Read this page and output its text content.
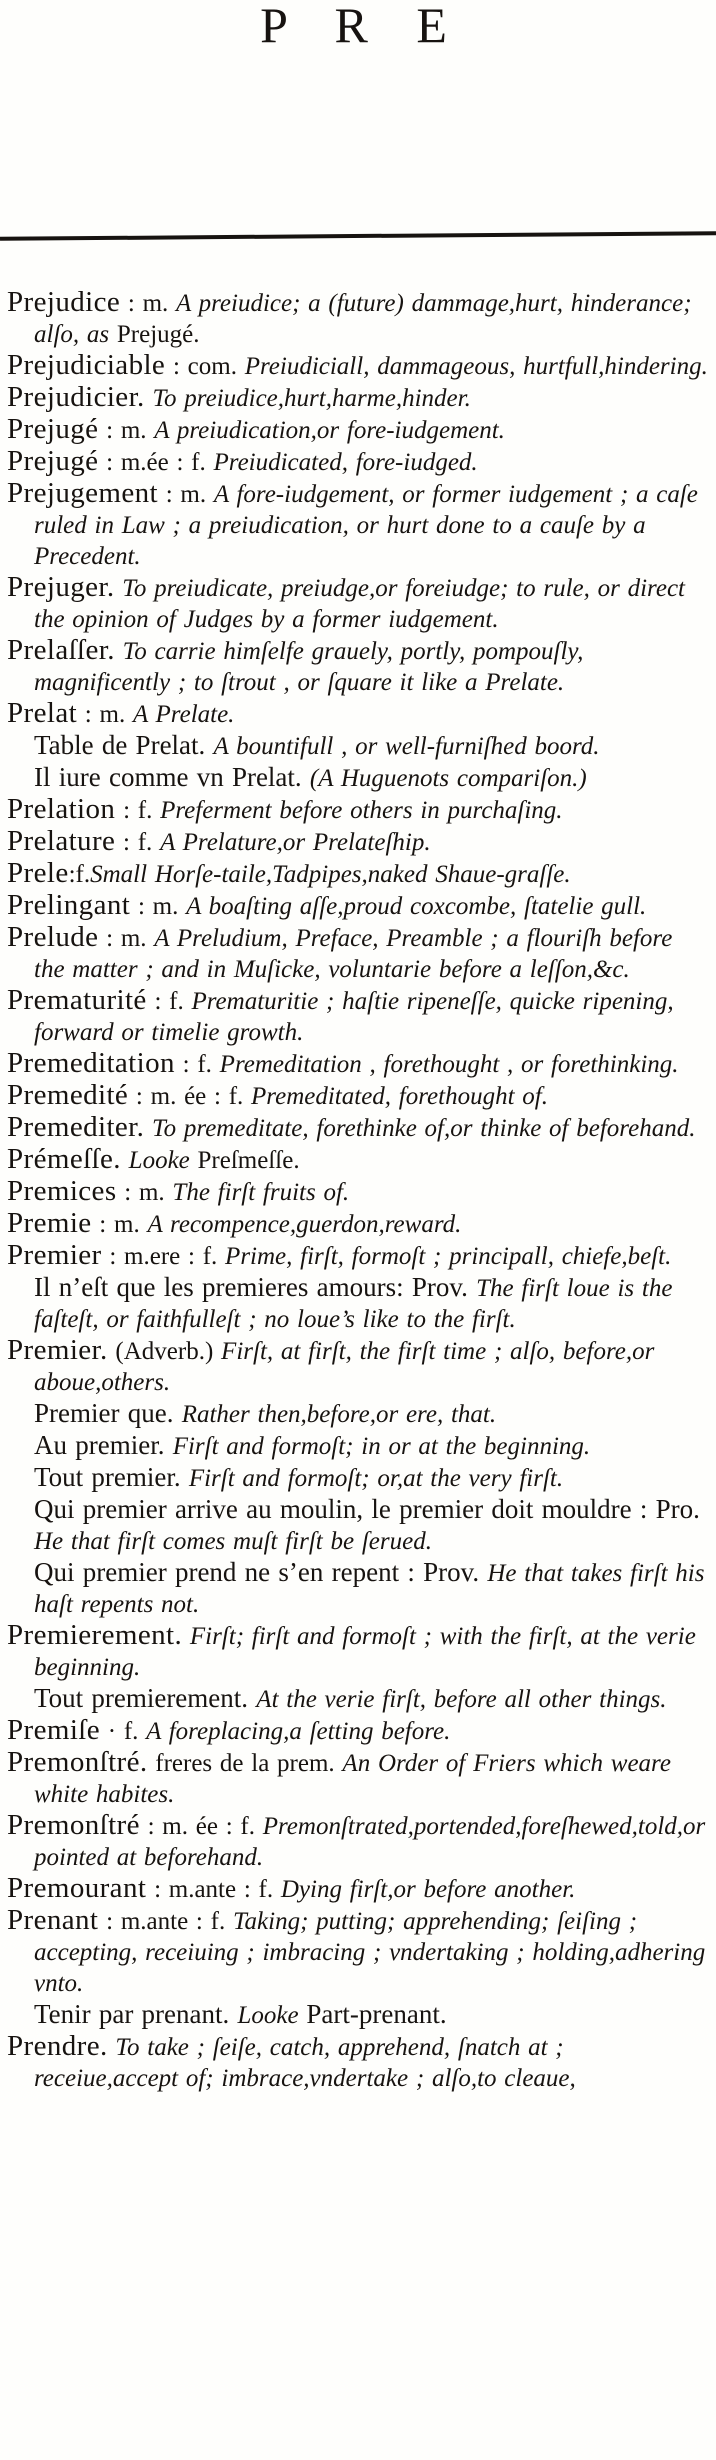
P R E

Prejudice : m. A preiudice; a (future) dammage,hurt, hinderance; alſo, as Prejugé.

Prejudiciable : com. Preiudiciall, dammageous, hurtfull,hindering.

Prejudicier. To preiudice,hurt,harme,hinder.

Prejugé : m. A preiudication,or fore-iudgement.

Prejugé : m.ée : f. Preiudicated, fore-iudged.

Prejugement : m. A fore-iudgement, or former iudgement ; a caſe ruled in Law ; a preiudication, or hurt done to a cauſe by a Precedent.

Prejuger. To preiudicate, preiudge,or foreiudge; to rule, or direct the opinion of Judges by a former iudgement.

Prelaſſer. To carrie himſelfe grauely, portly, pompouſly, magnificently ; to ſtrout , or ſquare it like a Prelate.

Prelat : m. A Prelate.

Table de Prelat. A bountifull , or well-furniſhed boord.

Il iure comme vn Prelat. (A Huguenots compariſon.)

Prelation : f. Preferment before others in purchaſing.

Prelature : f. A Prelature,or Prelateſhip.

Prele:f.Small Horſe-taile,Tadpipes,naked Shaue-graſſe.

Prelingant : m. A boaſting aſſe,proud coxcombe, ſtatelie gull.

Prelude : m. A Preludium, Preface, Preamble ; a flouriſh before the matter ; and in Muſicke, voluntarie before a leſſon,&c.

Prematurité : f. Prematuritie ; haſtie ripeneſſe, quicke ripening, forward or timelie growth.

Premeditation : f. Premeditation , forethought , or forethinking.

Premedité : m. ée : f. Premeditated, forethought of.

Premediter. To premeditate, forethinke of,or thinke of beforehand.

Prémeſſe. Looke Preſmeſſe.

Premices : m. The firſt fruits of.

Premie : m. A recompence,guerdon,reward.

Premier : m.ere : f. Prime, firſt, formoſt ; principall, chiefe,beſt.

Il n’eſt que les premieres amours: Prov. The firſt loue is the faſteſt, or faithfulleſt ; no loue’s like to the firſt.

Premier. (Adverb.) Firſt, at firſt, the firſt time ; alſo, before,or aboue,others.

Premier que. Rather then,before,or ere, that.

Au premier. Firſt and formoſt; in or at the beginning.

Tout premier. Firſt and formoſt; or,at the very firſt.

Qui premier arrive au moulin, le premier doit mouldre : Pro. He that firſt comes muſt firſt be ſerued.

Qui premier prend ne s’en repent : Prov. He that takes firſt his haſt repents not.

Premierement. Firſt; firſt and formoſt ; with the firſt, at the verie beginning.

Tout premierement. At the verie firſt, before all other things.

Premiſe · f. A foreplacing,a ſetting before.

Premonſtré. freres de la prem. An Order of Friers which weare white habites.

Premonſtré : m. ée : f. Premonſtrated,portended,foreſhewed,told,or pointed at beforehand.

Premourant : m.ante : f. Dying firſt,or before another.

Prenant : m.ante : f. Taking; putting; apprehending; ſeiſing ; accepting, receiuing ; imbracing ; vndertaking ; holding,adhering vnto.

Tenir par prenant. Looke Part-prenant.

Prendre. To take ; ſeiſe, catch, apprehend, ſnatch at ; receiue,accept of; imbrace,vndertake ; alſo,to cleaue,
